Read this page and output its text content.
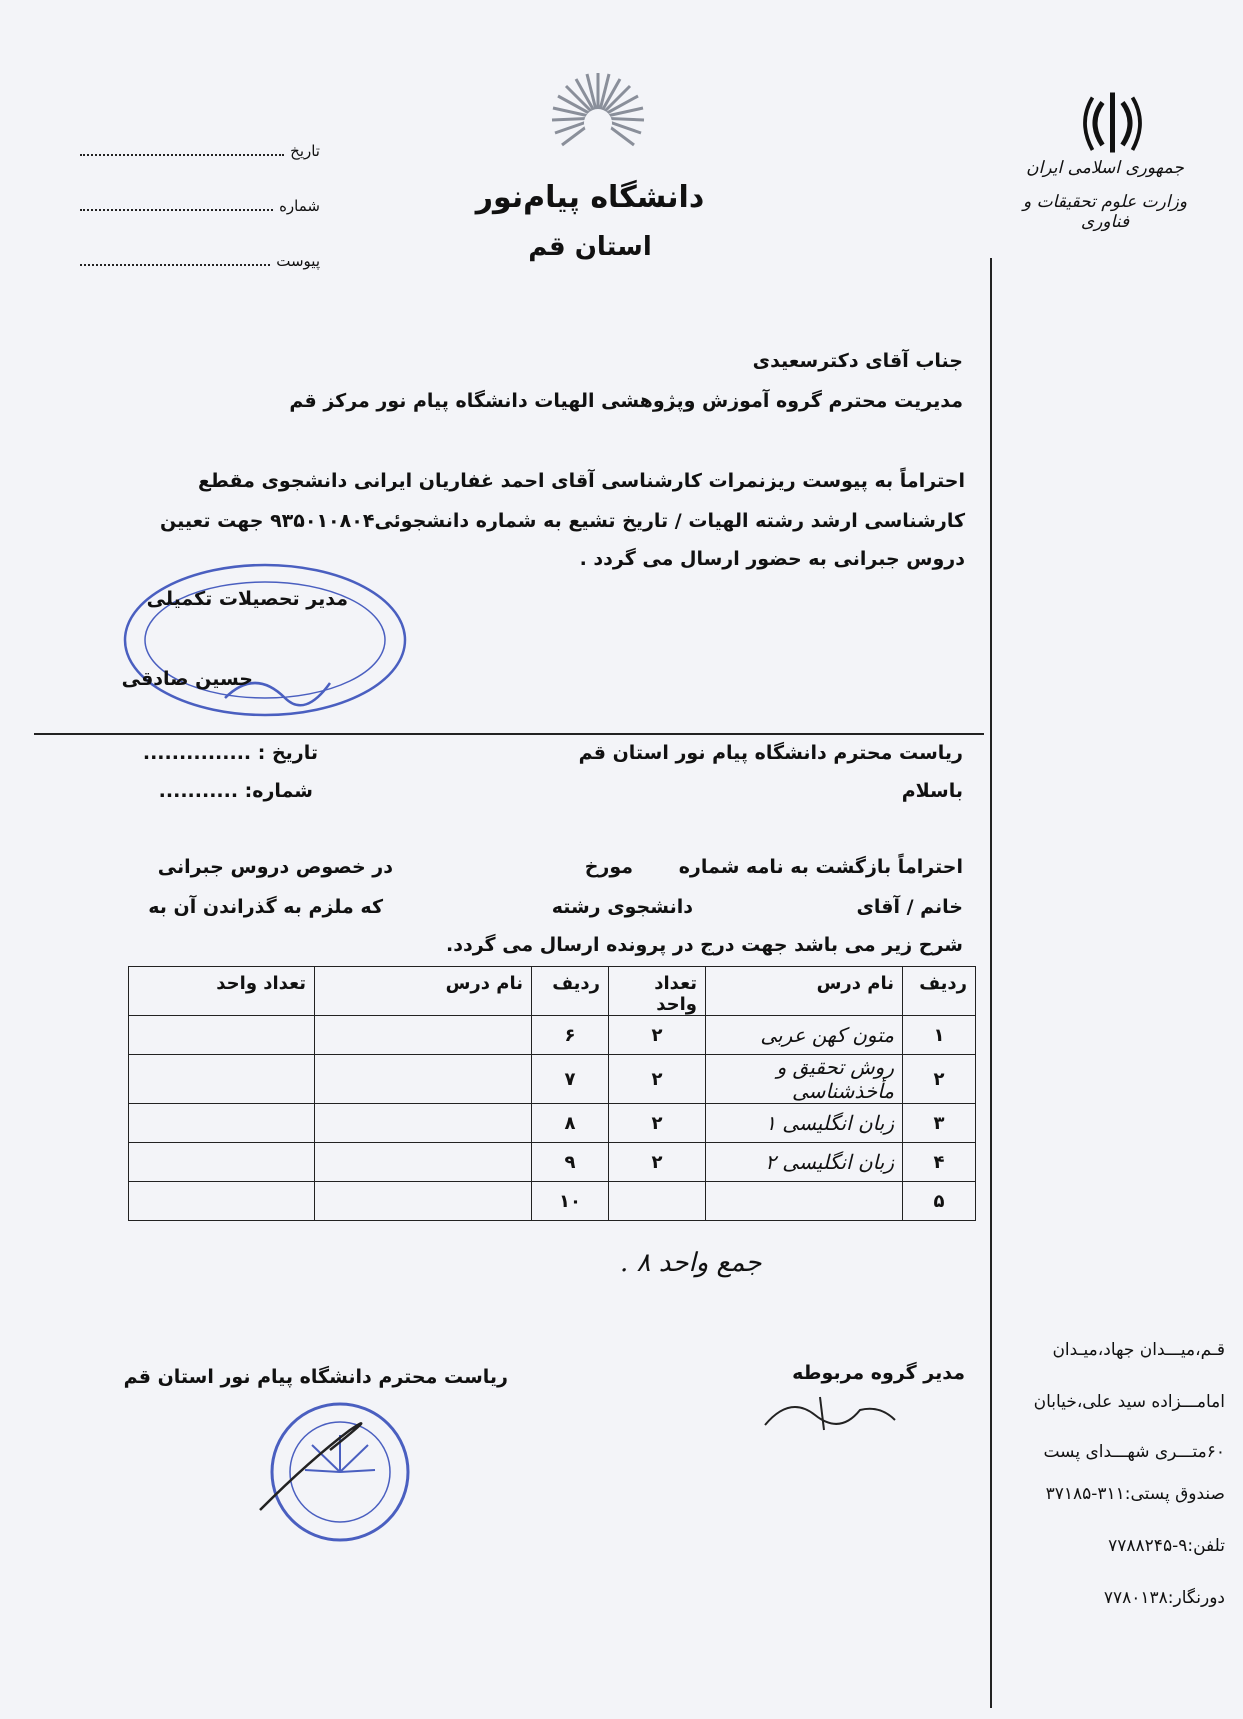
دانشگاه پیام‌نور
استان قم
جمهوری اسلامی ایران
وزارت علوم تحقیقات و فناوری
تاریخ
شماره
پیوست
جناب آقای دکترسعیدی
مدیریت محترم گروه آموزش وپژوهشی الهیات دانشگاه پیام نور مرکز قم
احتراماً به پیوست ریزنمرات کارشناسی آقای احمد غفاریان ایرانی دانشجوی مقطع
کارشناسی ارشد رشته الهیات / تاریخ تشیع به شماره دانشجوئی۹۳۵۰۱۰۸۰۴ جهت تعیین
دروس جبرانی به حضور ارسال می گردد .
مدیر تحصیلات تکمیلی
حسین صادقی
ریاست محترم دانشگاه پیام نور استان قم
تاریخ : ...............
باسلام
شماره: ...........
احتراماً بازگشت به نامه شماره
مورخ
در خصوص دروس جبرانی
خانم / آقای
دانشجوی رشته
که ملزم به گذراندن آن به
شرح زیر می باشد جهت درج در پرونده ارسال می گردد.
ردیف	نام درس	تعداد واحد	ردیف	نام درس	تعداد واحد
۱	متون کهن عربی	۲	۶		
۲	روش تحقیق و مأخذشناسی	۲	۷		
۳	زبان انگلیسی ۱	۲	۸		
۴	زبان انگلیسی ۲	۲	۹		
۵			۱۰		
جمع واحد ۸ .
مدیر گروه مربوطه
ریاست محترم دانشگاه پیام نور استان قم
قـم،میـــدان جهاد،میـدان
امامـــزاده سید علی،خیابان
۶۰متـــری شهـــدای پست
صندوق پستی:۳۱۱-۳۷۱۸۵
تلفن:۹-۷۷۸۸۲۴۵
دورنگار:۷۷۸۰۱۳۸
